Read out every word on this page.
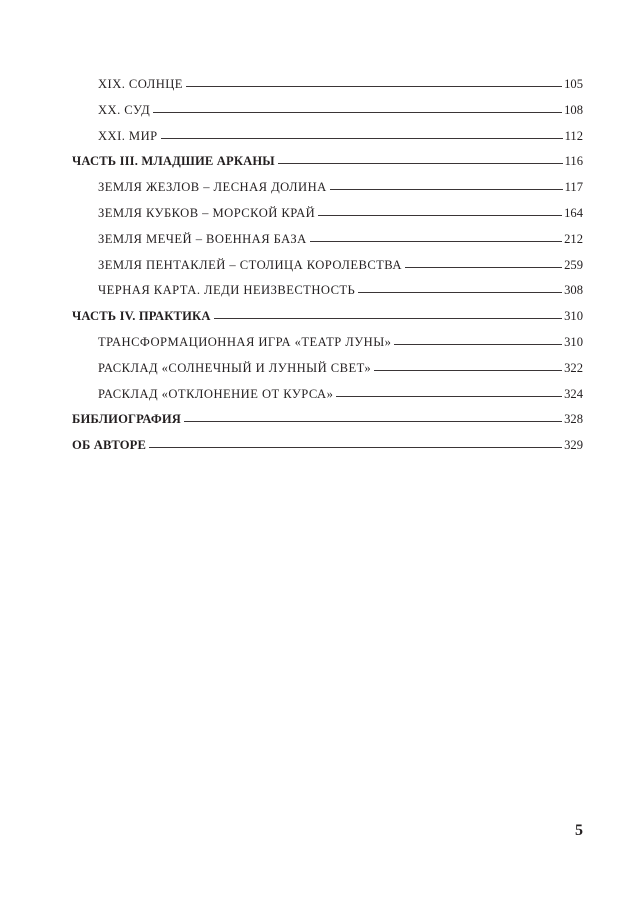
XIX. СОЛНЦЕ	105
XX. СУД	108
XXI. МИР	112
ЧАСТЬ III. МЛАДШИЕ АРКАНЫ	116
ЗЕМЛЯ ЖЕЗЛОВ – ЛЕСНАЯ ДОЛИНА	117
ЗЕМЛЯ КУБКОВ – МОРСКОЙ КРАЙ	164
ЗЕМЛЯ МЕЧЕЙ – ВОЕННАЯ БАЗА	212
ЗЕМЛЯ ПЕНТАКЛЕЙ – СТОЛИЦА КОРОЛЕВСТВА	259
ЧЕРНАЯ КАРТА. ЛЕДИ НЕИЗВЕСТНОСТЬ	308
ЧАСТЬ IV. ПРАКТИКА	310
ТРАНСФОРМАЦИОННАЯ ИГРА «ТЕАТР ЛУНЫ»	310
РАСКЛАД «СОЛНЕЧНЫЙ И ЛУННЫЙ СВЕТ»	322
РАСКЛАД «ОТКЛОНЕНИЕ ОТ КУРСА»	324
БИБЛИОГРАФИЯ	328
ОБ АВТОРЕ	329
5
